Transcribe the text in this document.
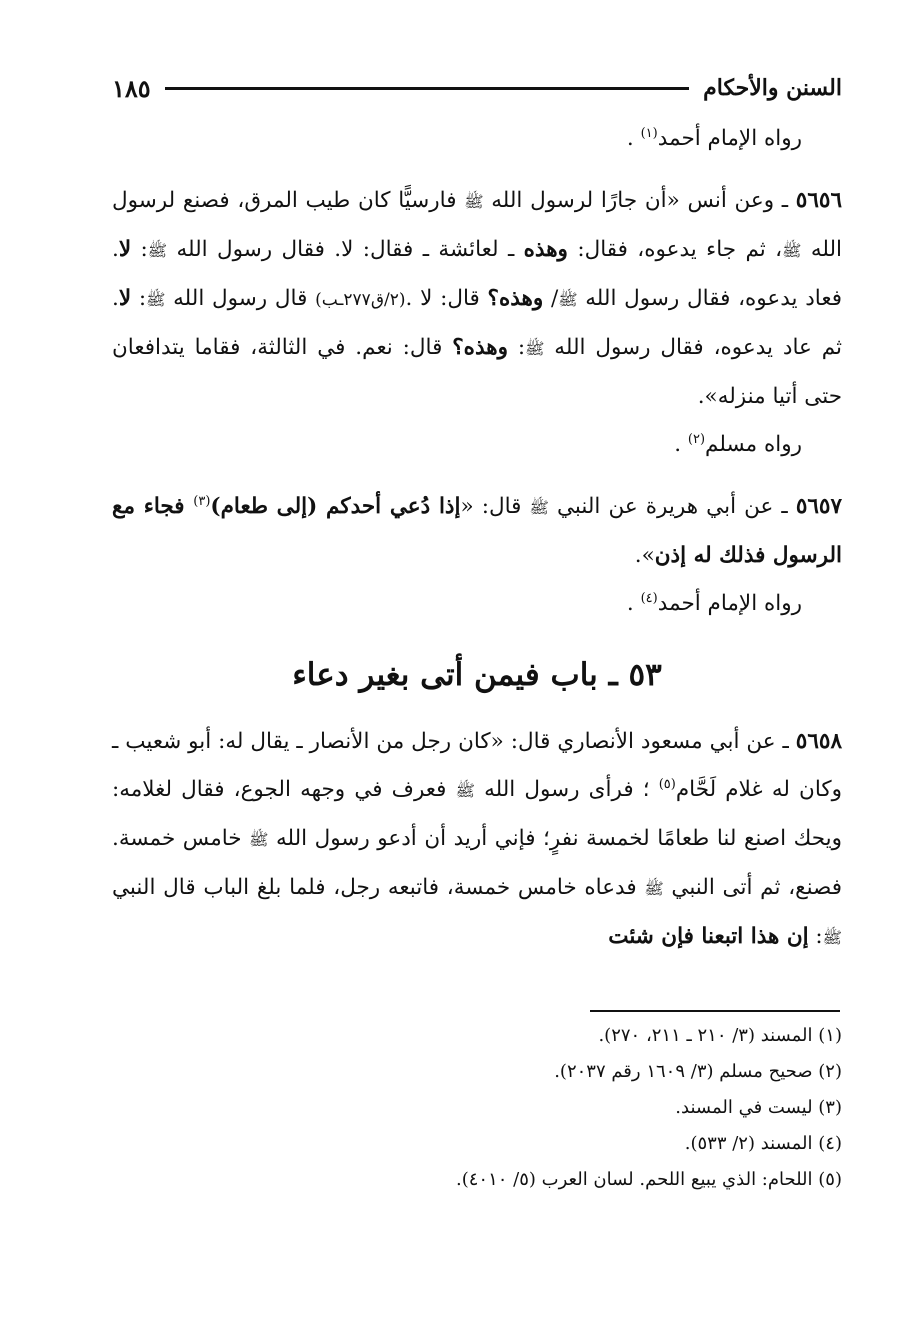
السنن والأحكام
١٨٥

رواه الإمام أحمد$^{(١)}$ .

٥٦٥٦ ـ وعن أنس «أن جارًا لرسول الله ﷺ فارسيًّا كان طيب المرق، فصنع لرسول الله ﷺ، ثم جاء يدعوه، فقال: وهذه ـ لعائشة ـ فقال: لا. فقال رسول الله ﷺ: لا. فعاد يدعوه، فقال رسول الله ﷺ/ وهذه؟ قال: لا .(٢/ق٢٧٧ـب) قال رسول الله ﷺ: لا. ثم عاد يدعوه، فقال رسول الله ﷺ: وهذه؟ قال: نعم. في الثالثة، فقاما يتدافعان حتى أتيا منزله».

رواه مسلم$^{(٢)}$ .

٥٦٥٧ ـ عن أبي هريرة عن النبي ﷺ قال: «إذا دُعي أحدكم (إلى طعام)$^{(٣)}$ فجاء مع الرسول فذلك له إذن».

رواه الإمام أحمد$^{(٤)}$ .

٥٣ ـ باب فيمن أتى بغير دعاء

٥٦٥٨ ـ عن أبي مسعود الأنصاري قال: «كان رجل من الأنصار ـ يقال له: أبو شعيب ـ وكان له غلام لَحَّام$^{(٥)}$ ؛ فرأى رسول الله ﷺ فعرف في وجهه الجوع، فقال لغلامه: ويحك اصنع لنا طعامًا لخمسة نفرٍ؛ فإني أريد أن أدعو رسول الله ﷺ خامس خمسة. فصنع، ثم أتى النبي ﷺ فدعاه خامس خمسة، فاتبعه رجل، فلما بلغ الباب قال النبي ﷺ: إن هذا اتبعنا فإن شئت

(١) المسند (٣/ ٢١٠ ـ ٢١١، ٢٧٠).

(٢) صحيح مسلم (٣/ ١٦٠٩ رقم ٢٠٣٧).

(٣) ليست في المسند.

(٤) المسند (٢/ ٥٣٣).

(٥) اللحام: الذي يبيع اللحم. لسان العرب (٥/ ٤٠١٠).
